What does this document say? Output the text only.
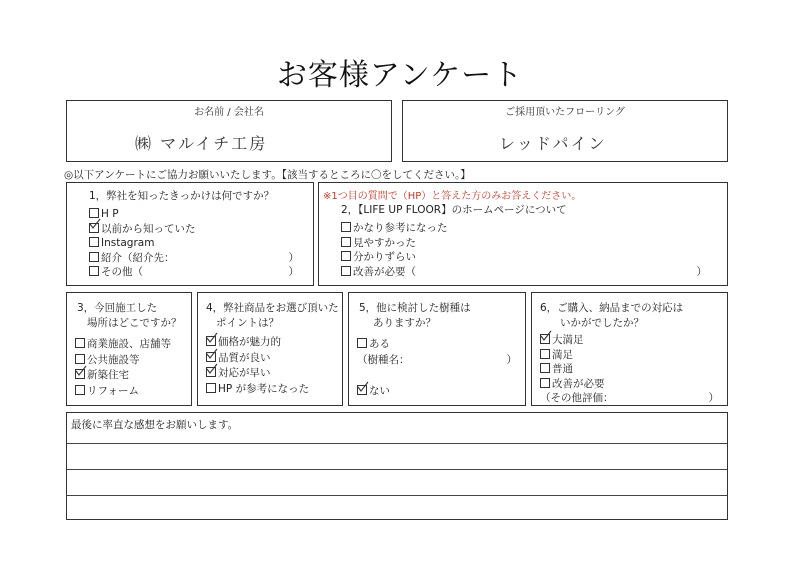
お客様アンケート
お名前 / 会社名
㈱ マルイチ工房
ご採用頂いたフローリング
レッドパイン
◎以下アンケートにご協力お願いいたします。【該当するところに〇をしてください。】
1，弊社を知ったきっかけは何ですか？
H P
以前から知っていた
Instagram
紹介（紹介先：	）
その他（	）
※1つ目の質問で（HP）と答えた方のみお答えください。
2，【LIFE UP FLOOR】のホームページについて
かなり参考になった
見やすかった
分かりずらい
改善が必要（	）
3，今回施工した
場所はどこですか？
商業施設、店舗等
公共施設等
新築住宅
リフォーム
4，弊社商品をお選び頂いた
ポイントは？
価格が魅力的
品質が良い
対応が早い
HP が参考になった
5，他に検討した樹種は
ありますか？
ある
（樹種名：	）

ない
6，ご購入、納品までの対応は
いかがでしたか？
大満足
満足
普通
改善が必要
（その他評価：	）
最後に率直な感想をお願いします。
